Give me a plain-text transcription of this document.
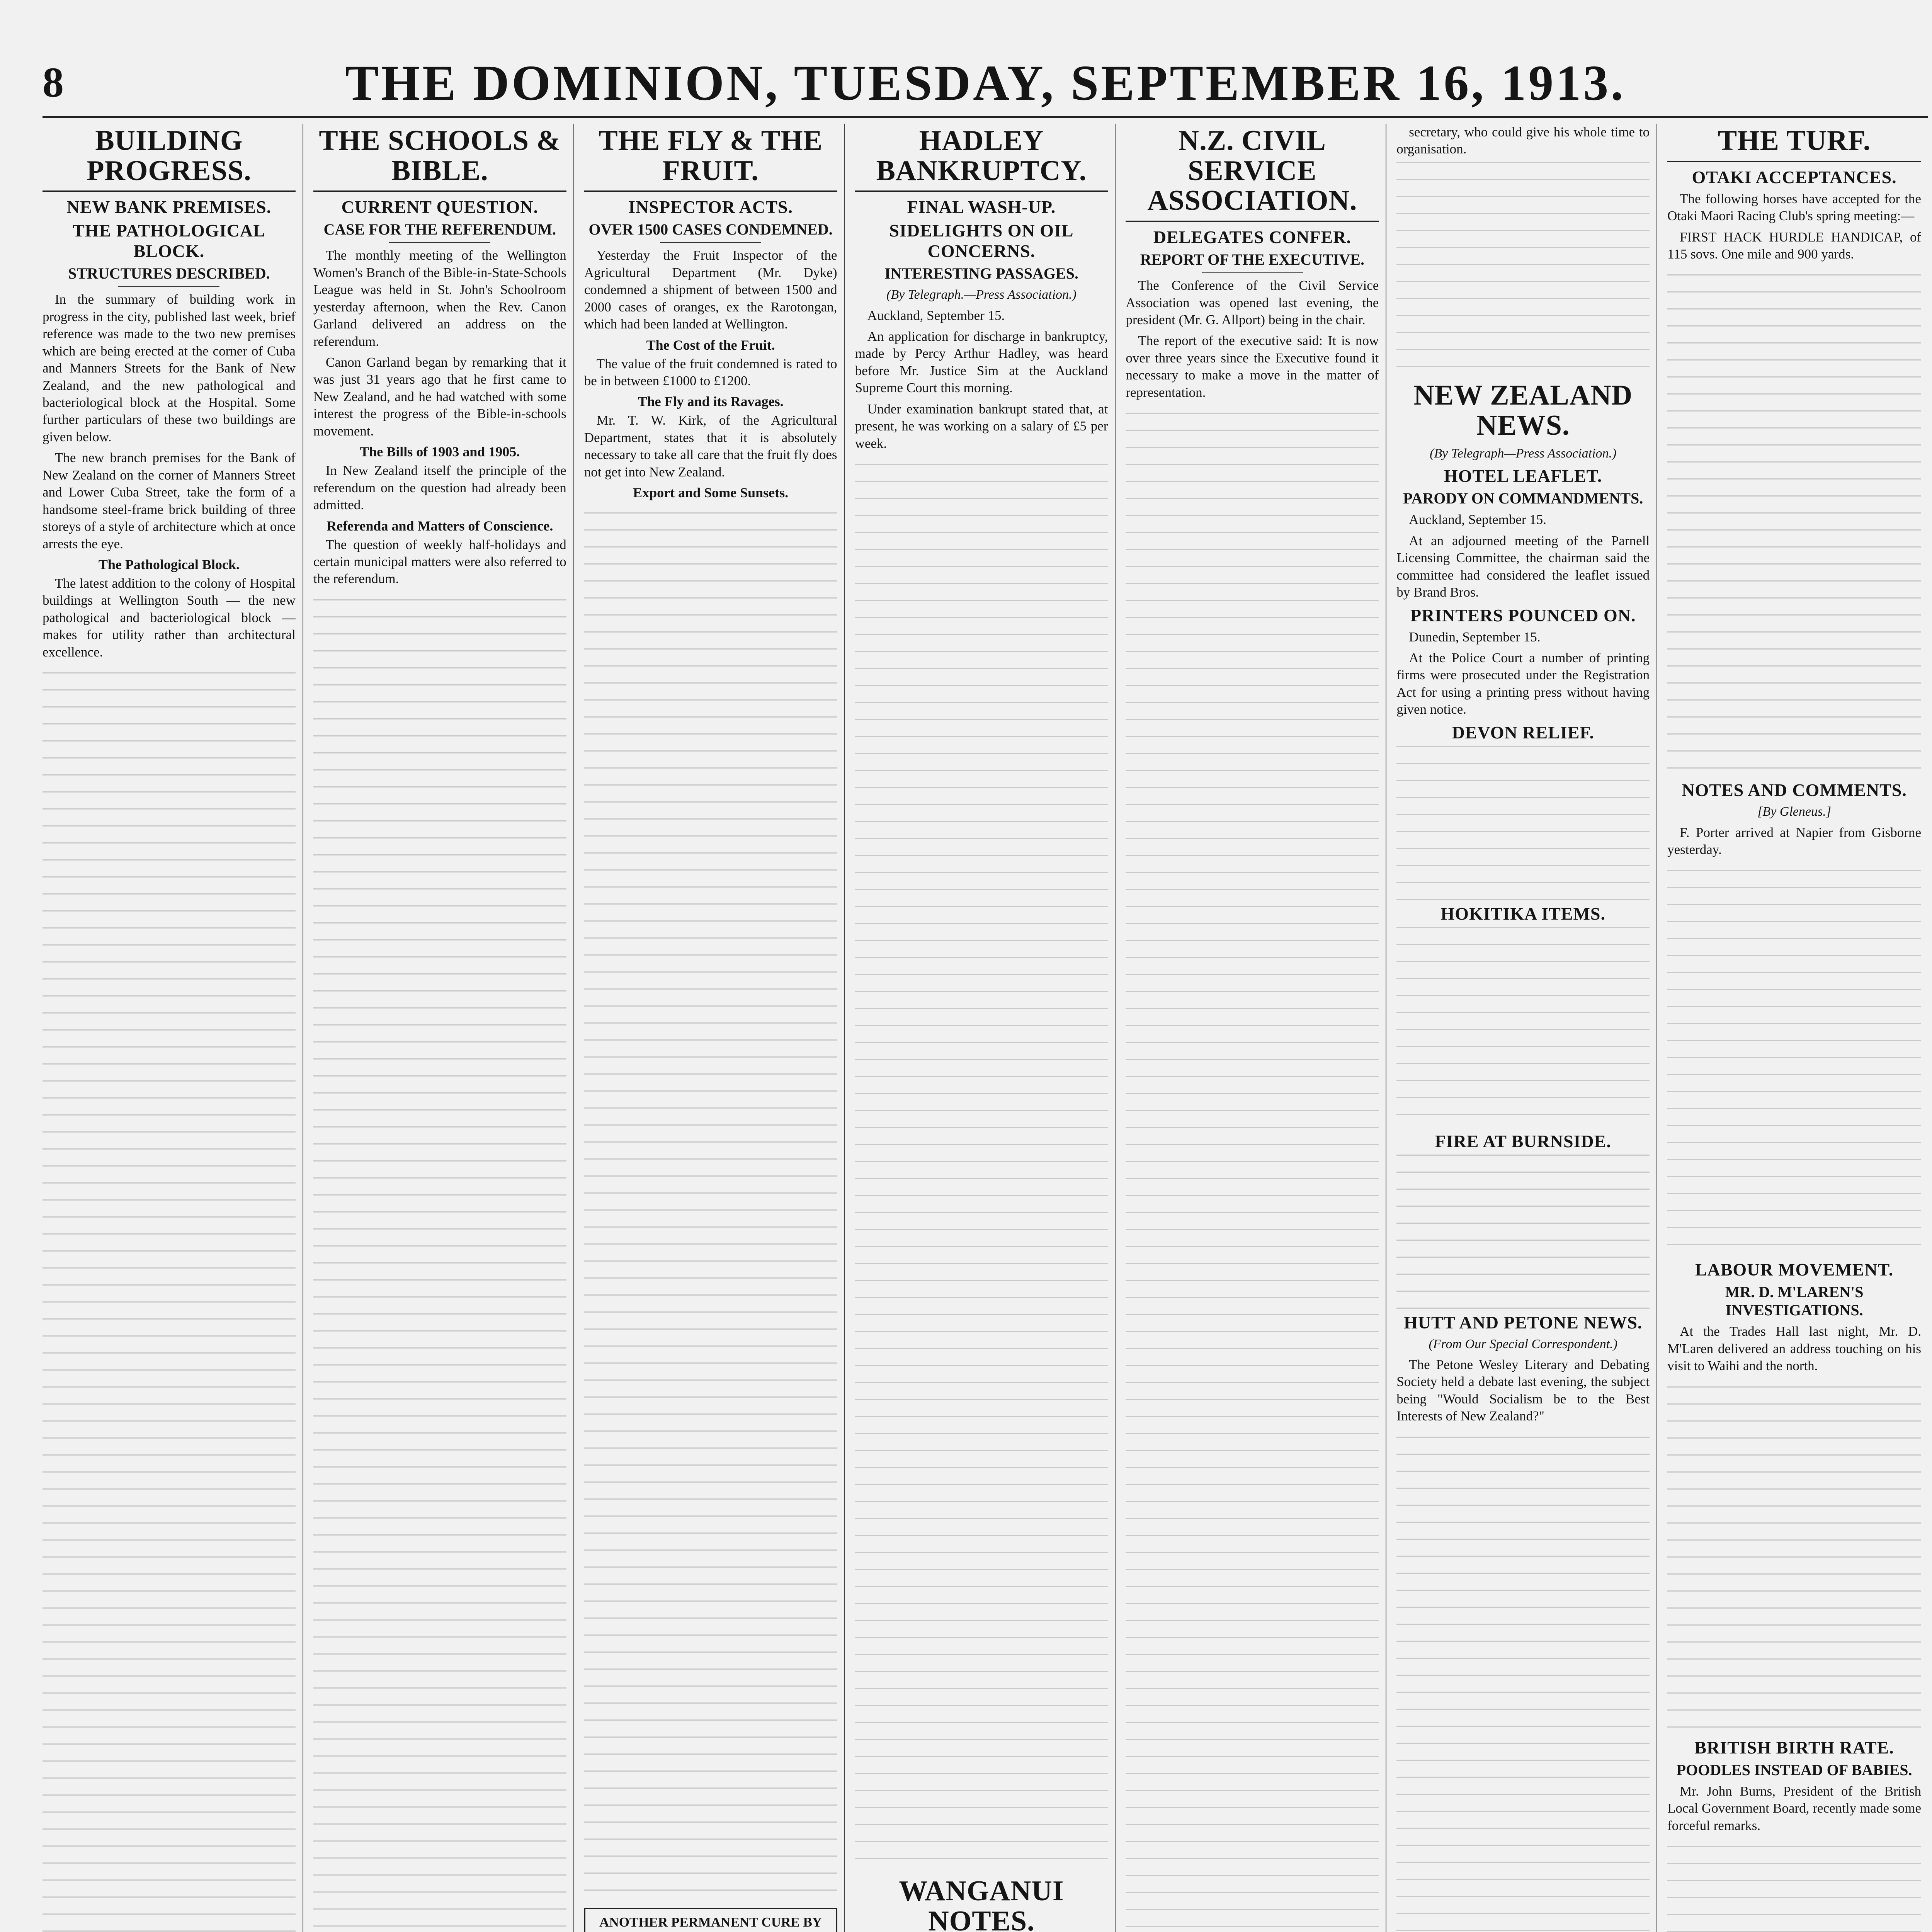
8	THE DOMINION, TUESDAY, SEPTEMBER 16, 1913.
BUILDING PROGRESS.
NEW BANK PREMISES.
THE PATHOLOGICAL BLOCK.
STRUCTURES DESCRIBED.

In the summary of building work in progress in the city, published last week, brief reference was made to the two new premises which are being erected at the corner of Cuba and Manners Streets for the Bank of New Zealand, and the new pathological and bacteriological block at the Hospital. Some further particulars of these two buildings are given below.

The new branch premises for the Bank of New Zealand on the corner of Manners Street and Lower Cuba Street, take the form of a handsome steel-frame brick building of three storeys of a style of architecture which at once arrests the eye.

The Pathological Block.

The latest addition to the colony of Hospital buildings at Wellington South — the new pathological and bacteriological block — makes for utility rather than architectural excellence.

THE SCHOOLS & BIBLE.
CURRENT QUESTION.
CASE FOR THE REFERENDUM.

The monthly meeting of the Wellington Women's Branch of the Bible-in-State-Schools League was held in St. John's Schoolroom yesterday afternoon, when the Rev. Canon Garland delivered an address on the referendum.

Canon Garland began by remarking that it was just 31 years ago that he first came to New Zealand, and he had watched with some interest the progress of the Bible-in-schools movement.

The Bills of 1903 and 1905.

In New Zealand itself the principle of the referendum on the question had already been admitted.

Referenda and Matters of Conscience.

The question of weekly half-holidays and certain municipal matters were also referred to the referendum.

THE FLY & THE FRUIT.
INSPECTOR ACTS.
OVER 1500 CASES CONDEMNED.

Yesterday the Fruit Inspector of the Agricultural Department (Mr. Dyke) condemned a shipment of between 1500 and 2000 cases of oranges, ex the Rarotongan, which had been landed at Wellington.

The Cost of the Fruit.

The value of the fruit condemned is rated to be in between £1000 to £1200.

The Fly and its Ravages.

Mr. T. W. Kirk, of the Agricultural Department, states that it is absolutely necessary to take all care that the fruit fly does not get into New Zealand.

Export and Some Sunsets.

ANOTHER PERMANENT CURE BY

HADLEY BANKRUPTCY.
FINAL WASH-UP.
SIDELIGHTS ON OIL CONCERNS.
INTERESTING PASSAGES.

(By Telegraph.—Press Association.)

Auckland, September 15.

An application for discharge in bankruptcy, made by Percy Arthur Hadley, was heard before Mr. Justice Sim at the Auckland Supreme Court this morning.

Under examination bankrupt stated that, at present, he was working on a salary of £5 per week.

WANGANUI NOTES.

N.Z. CIVIL SERVICE ASSOCIATION.
DELEGATES CONFER.
REPORT OF THE EXECUTIVE.

The Conference of the Civil Service Association was opened last evening, the president (Mr. G. Allport) being in the chair.

The report of the executive said: It is now over three years since the Executive found it necessary to make a move in the matter of representation.

secretary, who could give his whole time to organisation.

NEW ZEALAND NEWS.

(By Telegraph—Press Association.)

HOTEL LEAFLET.
PARODY ON COMMANDMENTS.

Auckland, September 15.

At an adjourned meeting of the Parnell Licensing Committee, the chairman said the committee had considered the leaflet issued by Brand Bros.

PRINTERS POUNCED ON.

Dunedin, September 15.

At the Police Court a number of printing firms were prosecuted under the Registration Act for using a printing press without having given notice.

DEVON RELIEF.
HOKITIKA ITEMS.
FIRE AT BURNSIDE.
HUTT AND PETONE NEWS.

(From Our Special Correspondent.)

The Petone Wesley Literary and Debating Society held a debate last evening, the subject being "Would Socialism be to the Best Interests of New Zealand?"

THE TURF.
OTAKI ACCEPTANCES.

The following horses have accepted for the Otaki Maori Racing Club's spring meeting:—

FIRST HACK HURDLE HANDICAP, of 115 sovs. One mile and 900 yards.

NOTES AND COMMENTS.

[By Gleneus.]

F. Porter arrived at Napier from Gisborne yesterday.

LABOUR MOVEMENT.
MR. D. M'LAREN'S INVESTIGATIONS.

At the Trades Hall last night, Mr. D. M'Laren delivered an address touching on his visit to Waihi and the north.

BRITISH BIRTH RATE.
POODLES INSTEAD OF BABIES.

Mr. John Burns, President of the British Local Government Board, recently made some forceful remarks.
